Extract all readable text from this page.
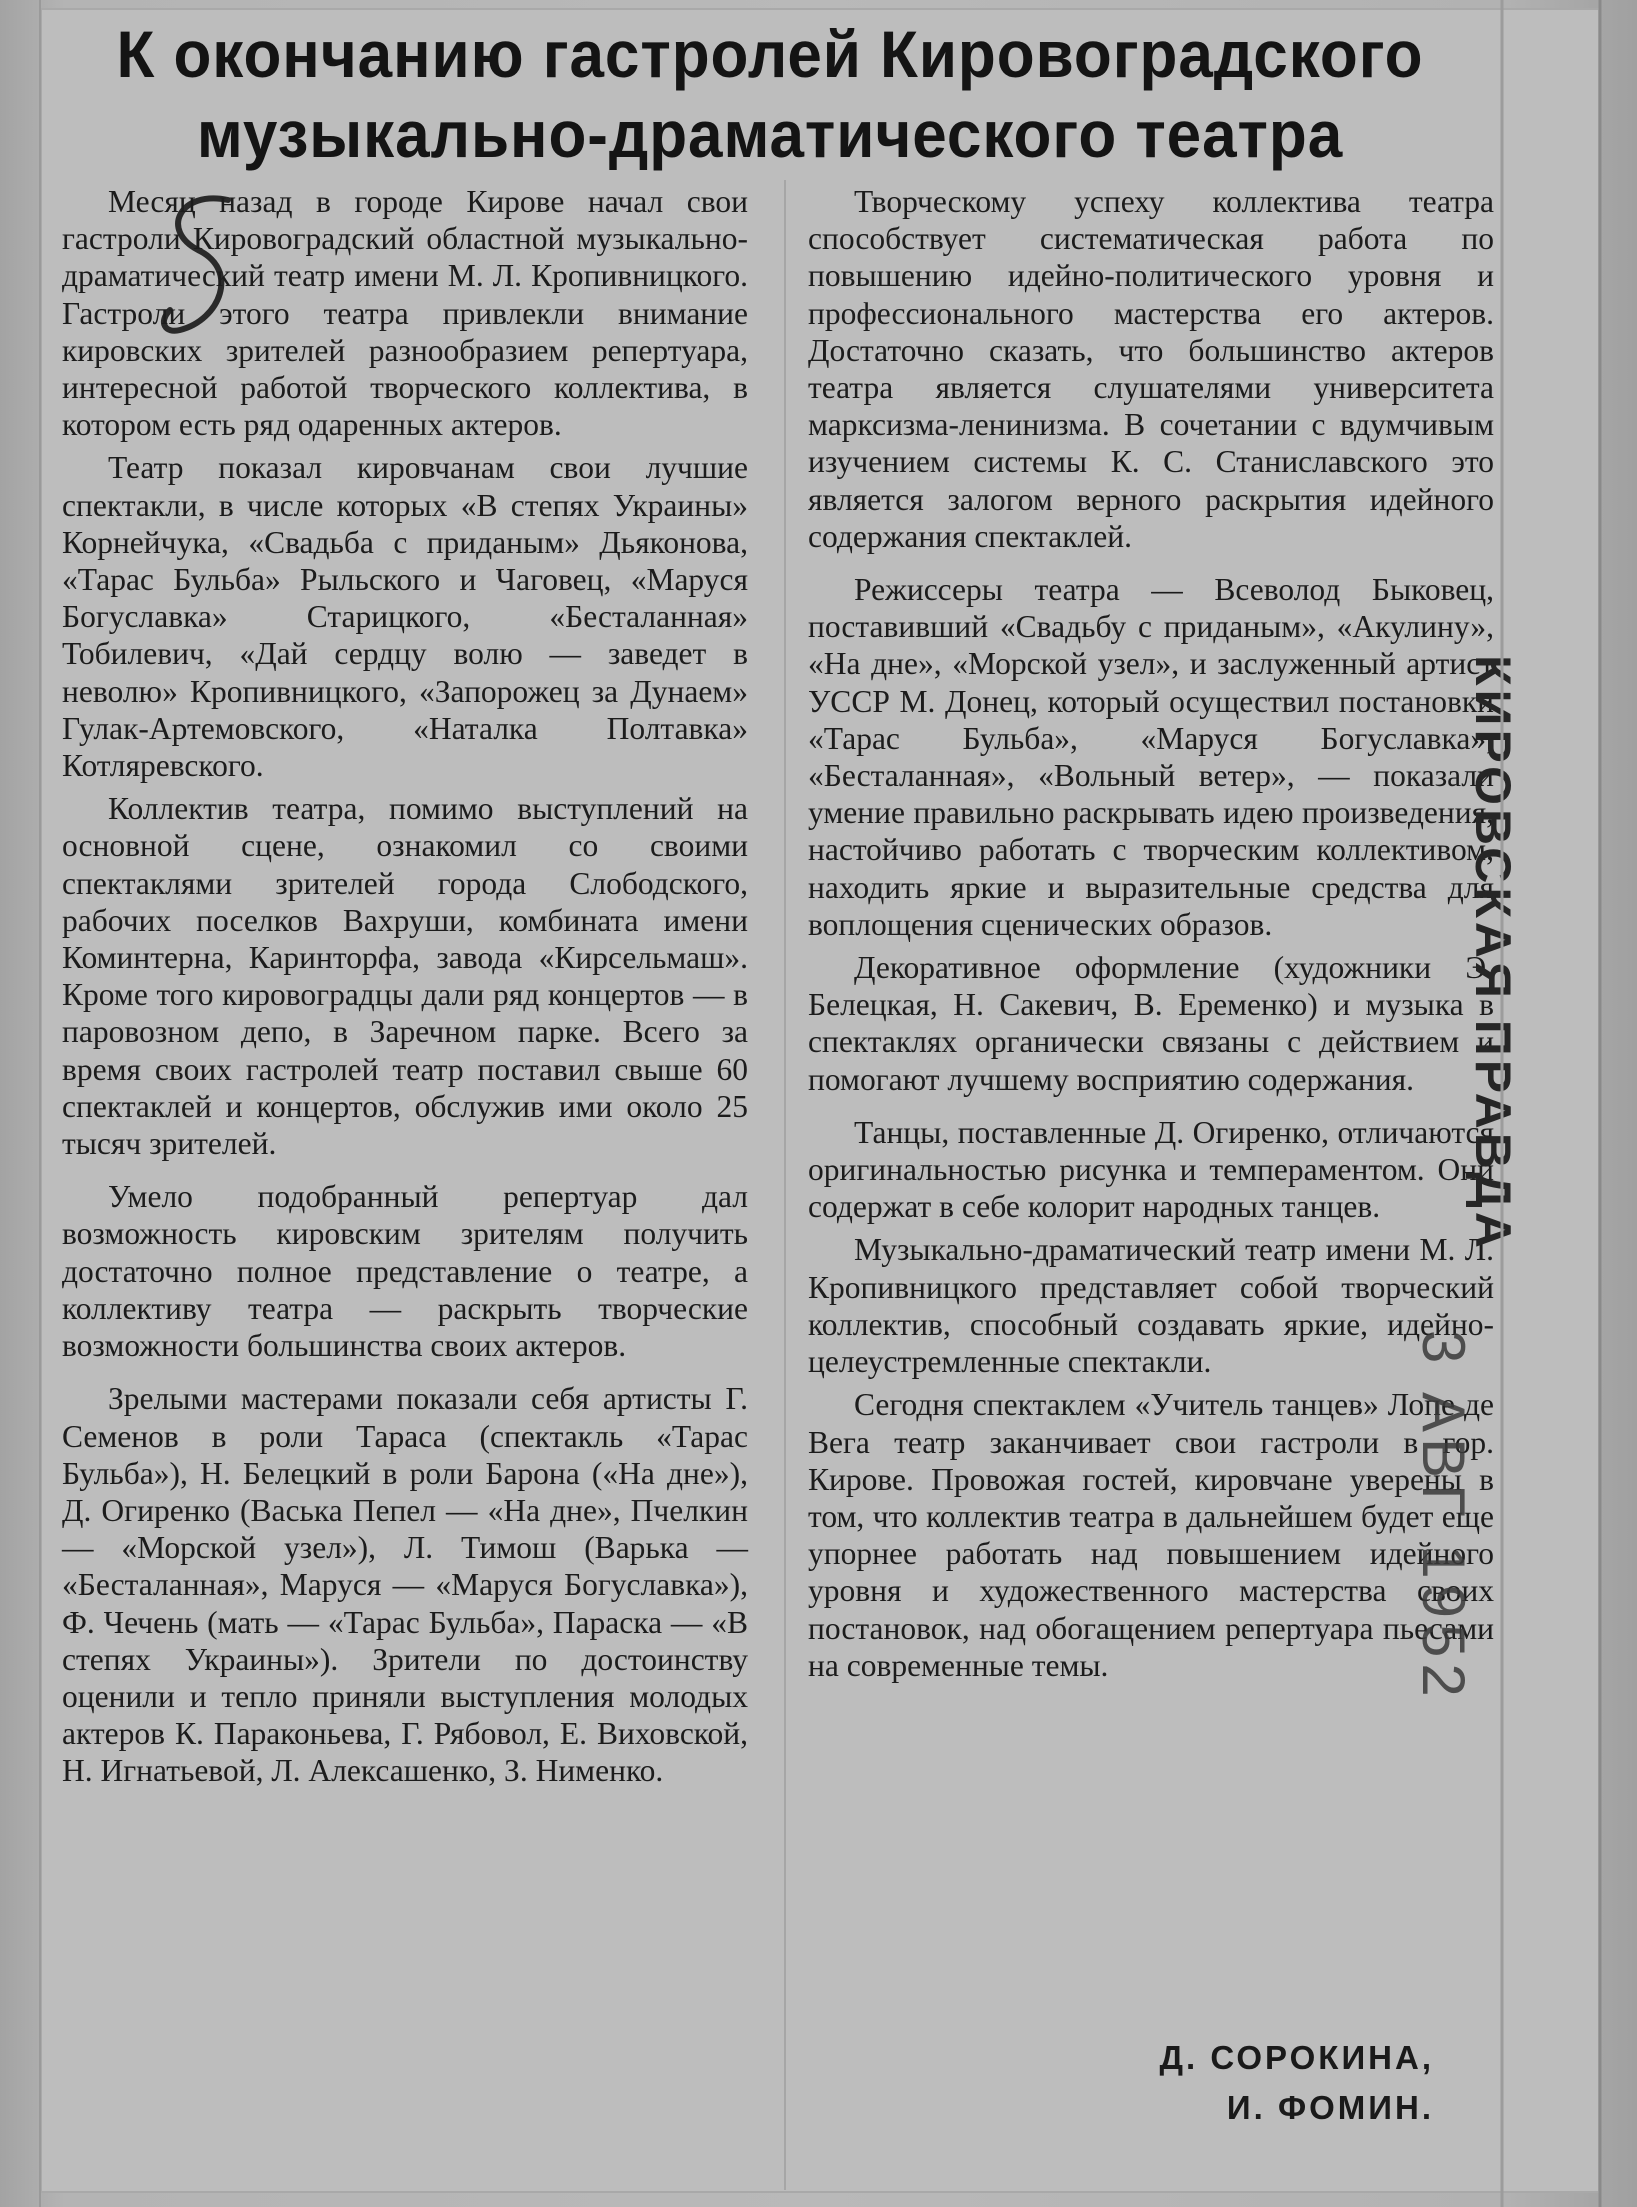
К окончанию гастролей Кировоградского
музыкально-драматического театра

Месяц назад в городе Кирове начал свои гастроли Кировоградский областной музыкально-драматический театр имени М. Л. Кропивницкого. Гастроли этого театра привлекли внимание кировских зрителей разнообразием репертуара, интересной работой творческого коллектива, в котором есть ряд одаренных актеров.

Театр показал кировчанам свои лучшие спектакли, в числе которых «В степях Украины» Корнейчука, «Свадьба с приданым» Дьяконова, «Тарас Бульба» Рыльского и Чаговец, «Маруся Богуславка» Старицкого, «Бесталанная» Тобилевич, «Дай сердцу волю — заведет в неволю» Кропивницкого, «Запорожец за Дунаем» Гулак-Артемовского, «Наталка Полтавка» Котляревского.

Коллектив театра, помимо выступлений на основной сцене, ознакомил со своими спектаклями зрителей города Слободского, рабочих поселков Вахруши, комбината имени Коминтерна, Каринторфа, завода «Кирсельмаш». Кроме того кировоградцы дали ряд концертов — в паровозном депо, в Заречном парке. Всего за время своих гастролей театр поставил свыше 60 спектаклей и концертов, обслужив ими около 25 тысяч зрителей.

Умело подобранный репертуар дал возможность кировским зрителям получить достаточно полное представление о театре, а коллективу театра — раскрыть творческие возможности большинства своих актеров.

Зрелыми мастерами показали себя артисты Г. Семенов в роли Тараса (спектакль «Тарас Бульба»), Н. Белецкий в роли Барона («На дне»), Д. Огиренко (Васька Пепел — «На дне», Пчелкин — «Морской узел»), Л. Тимош (Варька — «Бесталанная», Маруся — «Маруся Богуславка»), Ф. Чечень (мать — «Тарас Бульба», Параска — «В степях Украины»). Зрители по достоинству оценили и тепло приняли выступления молодых актеров К. Параконьева, Г. Рябовол, Е. Виховской, Н. Игнатьевой, Л. Алексашенко, З. Нименко.

Творческому успеху коллектива театра способствует систематическая работа по повышению идейно-политического уровня и профессионального мастерства его актеров. Достаточно сказать, что большинство актеров театра является слушателями университета марксизма-ленинизма. В сочетании с вдумчивым изучением системы К. С. Станиславского это является залогом верного раскрытия идейного содержания спектаклей.

Режиссеры театра — Всеволод Быковец, поставивший «Свадьбу с приданым», «Акулину», «На дне», «Морской узел», и заслуженный артист УССР М. Донец, который осуществил постановки «Тарас Бульба», «Маруся Богуславка», «Бесталанная», «Вольный ветер», — показали умение правильно раскрывать идею произведения, настойчиво работать с творческим коллективом, находить яркие и выразительные средства для воплощения сценических образов.

Декоративное оформление (художники Э. Белецкая, Н. Сакевич, В. Еременко) и музыка в спектаклях органически связаны с действием и помогают лучшему восприятию содержания.

Танцы, поставленные Д. Огиренко, отличаются оригинальностью рисунка и темпераментом. Они содержат в себе колорит народных танцев.

Музыкально-драматический театр имени М. Л. Кропивницкого представляет собой творческий коллектив, способный создавать яркие, идейно-целеустремленные спектакли.

Сегодня спектаклем «Учитель танцев» Лопе де Вега театр заканчивает свои гастроли в гор. Кирове. Провожая гостей, кировчане уверены в том, что коллектив театра в дальнейшем будет еще упорнее работать над повышением идейного уровня и художественного мастерства своих постановок, над обогащением репертуара пьесами на современные темы.

Д. СОРОКИНА,
И. ФОМИН.
КИРОВСКАЯ ПРАВДА
3 АВГ 1952
